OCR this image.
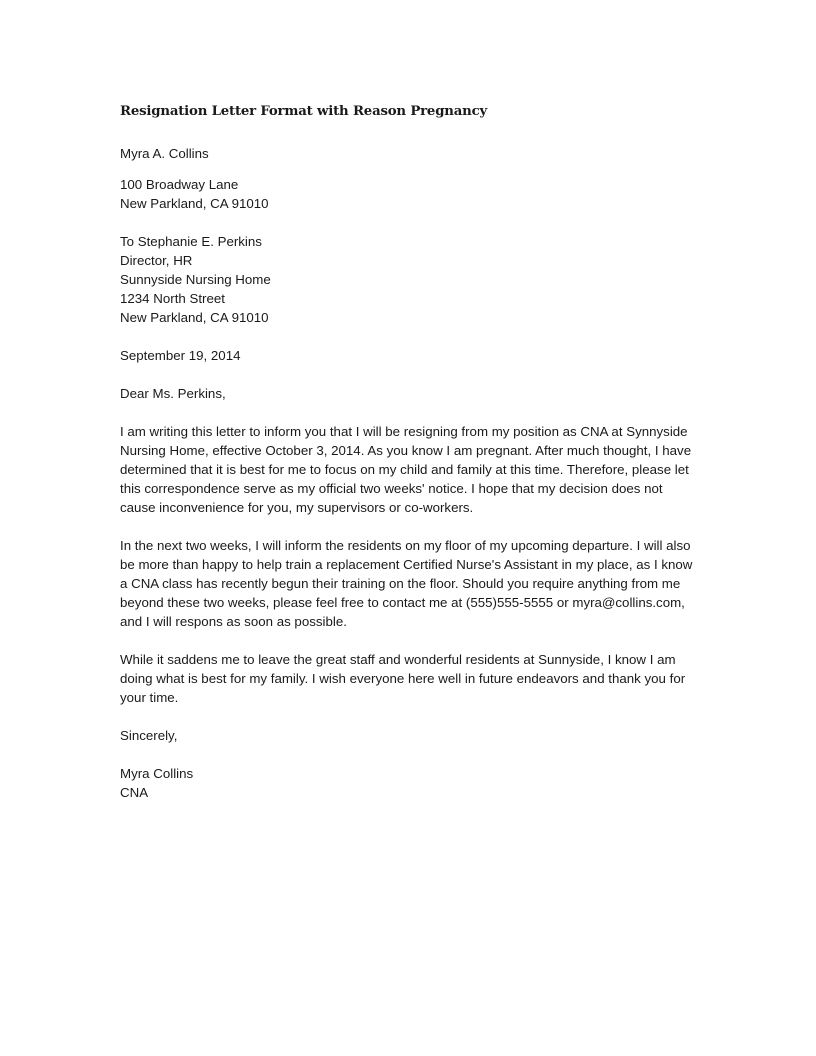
Resignation Letter Format with Reason Pregnancy
Myra A. Collins
100 Broadway Lane
New Parkland, CA 91010
To Stephanie E. Perkins
Director, HR
Sunnyside Nursing Home
1234 North Street
New Parkland, CA 91010
September 19, 2014
Dear Ms. Perkins,
I am writing this letter to inform you that I will be resigning from my position as CNA at Synnyside
Nursing Home, effective October 3, 2014. As you know I am pregnant. After much thought, I have
determined that it is best for me to focus on my child and family at this time. Therefore, please let
this correspondence serve as my official two weeks' notice. I hope that my decision does not
cause inconvenience for you, my supervisors or co-workers.
In the next two weeks, I will inform the residents on my floor of my upcoming departure. I will also
be more than happy to help train a replacement Certified Nurse's Assistant in my place, as I know
a CNA class has recently begun their training on the floor. Should you require anything from me
beyond these two weeks, please feel free to contact me at (555)555-5555 or myra@collins.com,
and I will respons as soon as possible.
While it saddens me to leave the great staff and wonderful residents at Sunnyside, I know I am
doing what is best for my family. I wish everyone here well in future endeavors and thank you for
your time.
Sincerely,
Myra Collins
CNA
